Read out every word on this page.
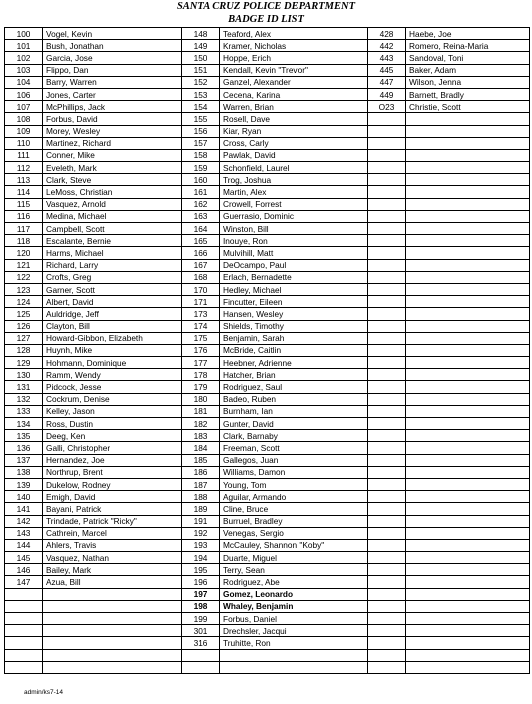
SANTA CRUZ POLICE DEPARTMENT
BADGE ID LIST
100	Vogel, Kevin	148	Teaford, Alex	428	Haebe, Joe
101	Bush, Jonathan	149	Kramer, Nicholas	442	Romero, Reina-Maria
102	Garcia, Jose	150	Hoppe, Erich	443	Sandoval, Toni
103	Flippo, Dan	151	Kendall, Kevin "Trevor"	445	Baker, Adam
104	Barry, Warren	152	Ganzel, Alexander	447	Wilson, Jenna
106	Jones, Carter	153	Cecena, Karina	449	Barnett, Bradly
107	McPhillips, Jack	154	Warren, Brian	O23	Christie, Scott
108	Forbus, David	155	Rosell, Dave		
109	Morey, Wesley	156	Kiar, Ryan		
110	Martinez, Richard	157	Cross, Carly		
111	Conner, Mike	158	Pawlak, David		
112	Eveleth, Mark	159	Schonfield, Laurel		
113	Clark, Steve	160	Trog, Joshua		
114	LeMoss, Christian	161	Martin, Alex		
115	Vasquez, Arnold	162	Crowell, Forrest		
116	Medina, Michael	163	Guerrasio, Dominic		
117	Campbell, Scott	164	Winston, Bill		
118	Escalante, Bernie	165	Inouye, Ron		
120	Harms, Michael	166	Mulvihill, Matt		
121	Richard, Larry	167	DeOcampo, Paul		
122	Crofts, Greg	168	Erlach, Bernadette		
123	Garner, Scott	170	Hedley, Michael		
124	Albert, David	171	Fincutter, Eileen		
125	Auldridge, Jeff	173	Hansen, Wesley		
126	Clayton, Bill	174	Shields, Timothy		
127	Howard-Gibbon, Elizabeth	175	Benjamin, Sarah		
128	Huynh, Mike	176	McBride, Caitlin		
129	Hohmann, Dominique	177	Heebner, Adrienne		
130	Ramm, Wendy	178	Hatcher, Brian		
131	Pidcock, Jesse	179	Rodriguez, Saul		
132	Cockrum, Denise	180	Badeo, Ruben		
133	Kelley, Jason	181	Burnham, Ian		
134	Ross, Dustin	182	Gunter, David		
135	Deeg, Ken	183	Clark, Barnaby		
136	Galli, Christopher	184	Freeman, Scott		
137	Hernandez, Joe	185	Gallegos, Juan		
138	Northrup, Brent	186	Williams, Damon		
139	Dukelow, Rodney	187	Young, Tom		
140	Emigh, David	188	Aguilar, Armando		
141	Bayani, Patrick	189	Cline, Bruce		
142	Trindade, Patrick "Ricky"	191	Burruel, Bradley		
143	Cathrein, Marcel	192	Venegas, Sergio		
144	Ahlers, Travis	193	McCauley, Shannon "Koby"		
145	Vasquez, Nathan	194	Duarte, Miguel		
146	Bailey, Mark	195	Terry, Sean		
147	Azua, Bill	196	Rodriguez, Abe		
		197	Gomez, Leonardo		
		198	Whaley, Benjamin		
		199	Forbus, Daniel		
		301	Drechsler, Jacqui		
		316	Truhitte, Ron		

admin/ks7-14
